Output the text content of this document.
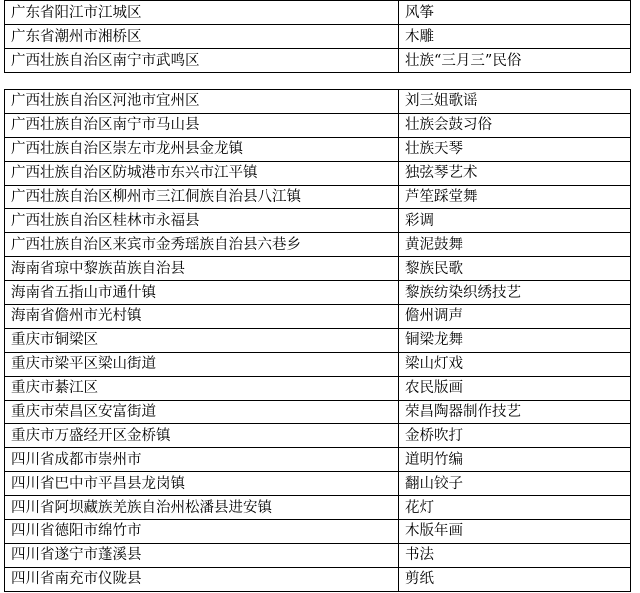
广东省阳江市江城区	风筝
广东省潮州市湘桥区	木雕
广西壮族自治区南宁市武鸣区	壮族“三月三”民俗
广西壮族自治区河池市宜州区	刘三姐歌谣
广西壮族自治区南宁市马山县	壮族会鼓习俗
广西壮族自治区崇左市龙州县金龙镇	壮族天琴
广西壮族自治区防城港市东兴市江平镇	独弦琴艺术
广西壮族自治区柳州市三江侗族自治县八江镇	芦笙踩堂舞
广西壮族自治区桂林市永福县	彩调
广西壮族自治区来宾市金秀瑶族自治县六巷乡	黄泥鼓舞
海南省琼中黎族苗族自治县	黎族民歌
海南省五指山市通什镇	黎族纺染织绣技艺
海南省儋州市光村镇	儋州调声
重庆市铜梁区	铜梁龙舞
重庆市梁平区梁山街道	梁山灯戏
重庆市綦江区	农民版画
重庆市荣昌区安富街道	荣昌陶器制作技艺
重庆市万盛经开区金桥镇	金桥吹打
四川省成都市崇州市	道明竹编
四川省巴中市平昌县龙岗镇	翻山铰子
四川省阿坝藏族羌族自治州松潘县进安镇	花灯
四川省德阳市绵竹市	木版年画
四川省遂宁市蓬溪县	书法
四川省南充市仪陇县	剪纸
